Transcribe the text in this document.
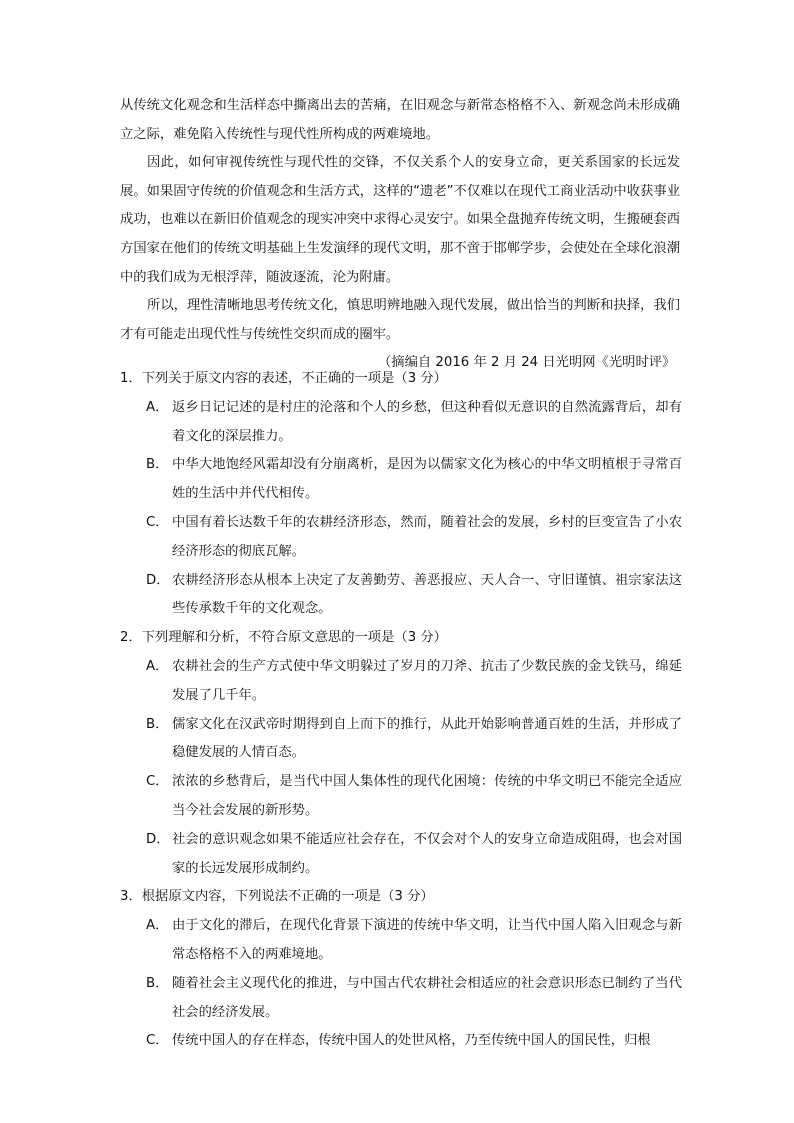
从传统文化观念和生活样态中撕离出去的苦痛，在旧观念与新常态格格不入、新观念尚未形成确立之际，难免陷入传统性与现代性所构成的两难境地。

因此，如何审视传统性与现代性的交锋，不仅关系个人的安身立命，更关系国家的长远发展。如果固守传统的价值观念和生活方式，这样的“遗老”不仅难以在现代工商业活动中收获事业成功，也难以在新旧价值观念的现实冲突中求得心灵安宁。如果全盘抛弃传统文明，生搬硬套西方国家在他们的传统文明基础上生发演绎的现代文明，那不啻于邯郸学步，会使处在全球化浪潮中的我们成为无根浮萍，随波逐流，沦为附庸。

所以，理性清晰地思考传统文化，慎思明辨地融入现代发展，做出恰当的判断和抉择，我们才有可能走出现代性与传统性交织而成的圈牢。

（摘编自 2016 年 2 月 24 日光明网《光明时评》

1．下列关于原文内容的表述，不正确的一项是（3 分）

A． 返乡日记记述的是村庄的沦落和个人的乡愁，但这种看似无意识的自然流露背后，却有着文化的深层推力。

B． 中华大地饱经风霜却没有分崩离析，是因为以儒家文化为核心的中华文明植根于寻常百姓的生活中并代代相传。

C． 中国有着长达数千年的农耕经济形态，然而，随着社会的发展，乡村的巨变宣告了小农经济形态的彻底瓦解。

D． 农耕经济形态从根本上决定了友善勤劳、善恶报应、天人合一、守旧谨慎、祖宗家法这些传承数千年的文化观念。

2．下列理解和分析，不符合原文意思的一项是（3 分）

A． 农耕社会的生产方式使中华文明躲过了岁月的刀斧、抗击了少数民族的金戈铁马，绵延发展了几千年。

B． 儒家文化在汉武帝时期得到自上而下的推行，从此开始影响普通百姓的生活，并形成了稳健发展的人情百态。

C． 浓浓的乡愁背后，是当代中国人集体性的现代化困境：传统的中华文明已不能完全适应当今社会发展的新形势。

D． 社会的意识观念如果不能适应社会存在，不仅会对个人的安身立命造成阻碍，也会对国家的长远发展形成制约。

3．根据原文内容，下列说法不正确的一项是（3 分）

A． 由于文化的滞后，在现代化背景下演进的传统中华文明，让当代中国人陷入旧观念与新常态格格不入的两难境地。

B． 随着社会主义现代化的推进，与中国古代农耕社会相适应的社会意识形态已制约了当代社会的经济发展。

C． 传统中国人的存在样态，传统中国人的处世风格，乃至传统中国人的国民性，归根
